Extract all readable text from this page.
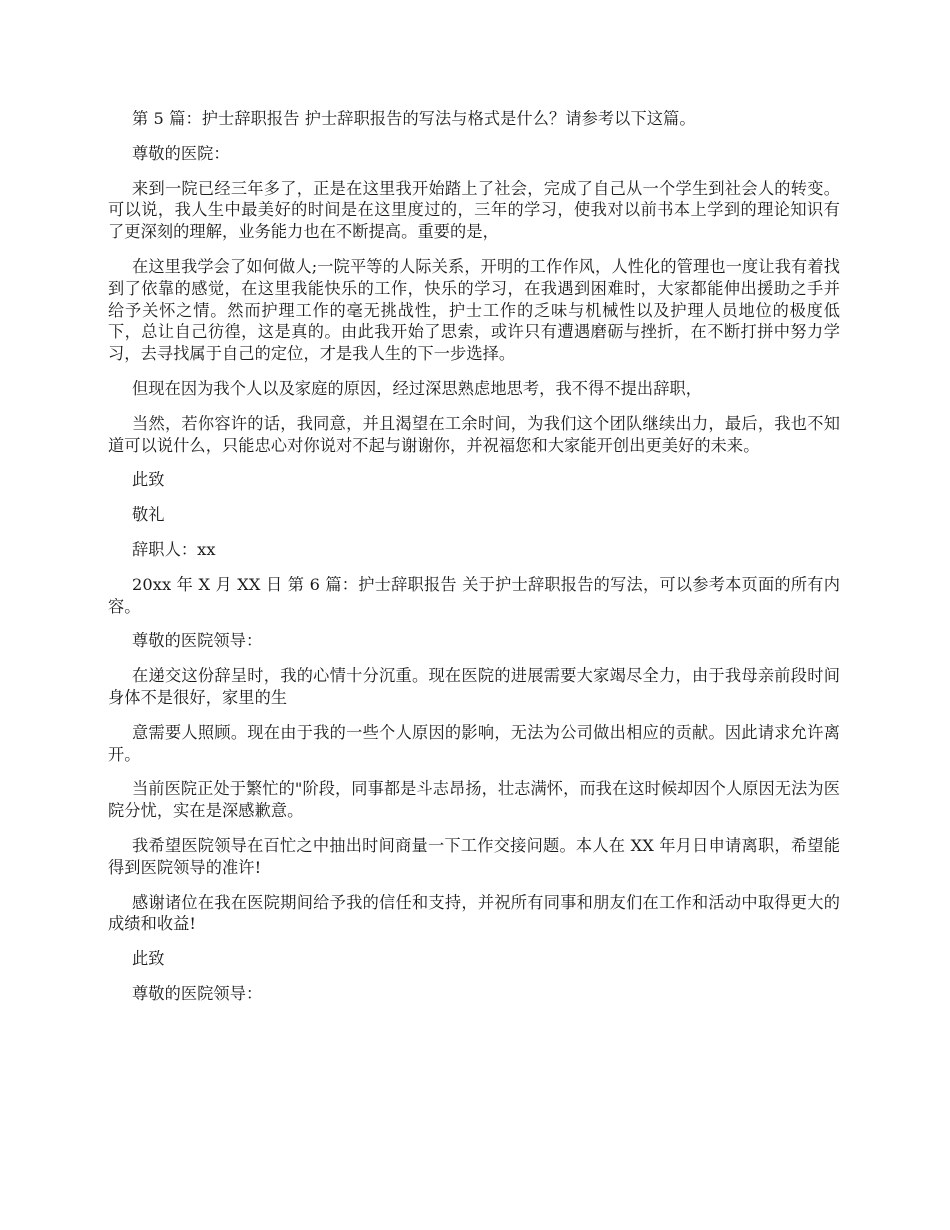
第 5 篇：护士辞职报告 护士辞职报告的写法与格式是什么？请参考以下这篇。

尊敬的医院：

来到一院已经三年多了，正是在这里我开始踏上了社会，完成了自己从一个学生到社会人的转变。可以说，我人生中最美好的时间是在这里度过的，三年的学习，使我对以前书本上学到的理论知识有了更深刻的理解，业务能力也在不断提高。重要的是，

在这里我学会了如何做人;一院平等的人际关系，开明的工作作风，人性化的管理也一度让我有着找到了依靠的感觉，在这里我能快乐的工作，快乐的学习，在我遇到困难时，大家都能伸出援助之手并给予关怀之情。然而护理工作的毫无挑战性，护士工作的乏味与机械性以及护理人员地位的极度低下，总让自己彷徨，这是真的。由此我开始了思索，或许只有遭遇磨砺与挫折，在不断打拼中努力学习，去寻找属于自己的定位，才是我人生的下一步选择。

但现在因为我个人以及家庭的原因，经过深思熟虑地思考，我不得不提出辞职，

当然，若你容许的话，我同意，并且渴望在工余时间，为我们这个团队继续出力，最后，我也不知道可以说什么，只能忠心对你说对不起与谢谢你，并祝福您和大家能开创出更美好的未来。

此致

敬礼

辞职人：xx

20xx 年 X 月 XX 日 第 6 篇：护士辞职报告 关于护士辞职报告的写法，可以参考本页面的所有内容。

尊敬的医院领导：

在递交这份辞呈时，我的心情十分沉重。现在医院的进展需要大家竭尽全力，由于我母亲前段时间身体不是很好，家里的生

意需要人照顾。现在由于我的一些个人原因的影响，无法为公司做出相应的贡献。因此请求允许离开。

当前医院正处于繁忙的"阶段，同事都是斗志昂扬，壮志满怀，而我在这时候却因个人原因无法为医院分忧，实在是深感歉意。

我希望医院领导在百忙之中抽出时间商量一下工作交接问题。本人在 XX 年月日申请离职，希望能得到医院领导的准许!

感谢诸位在我在医院期间给予我的信任和支持，并祝所有同事和朋友们在工作和活动中取得更大的成绩和收益!

此致

尊敬的医院领导：
